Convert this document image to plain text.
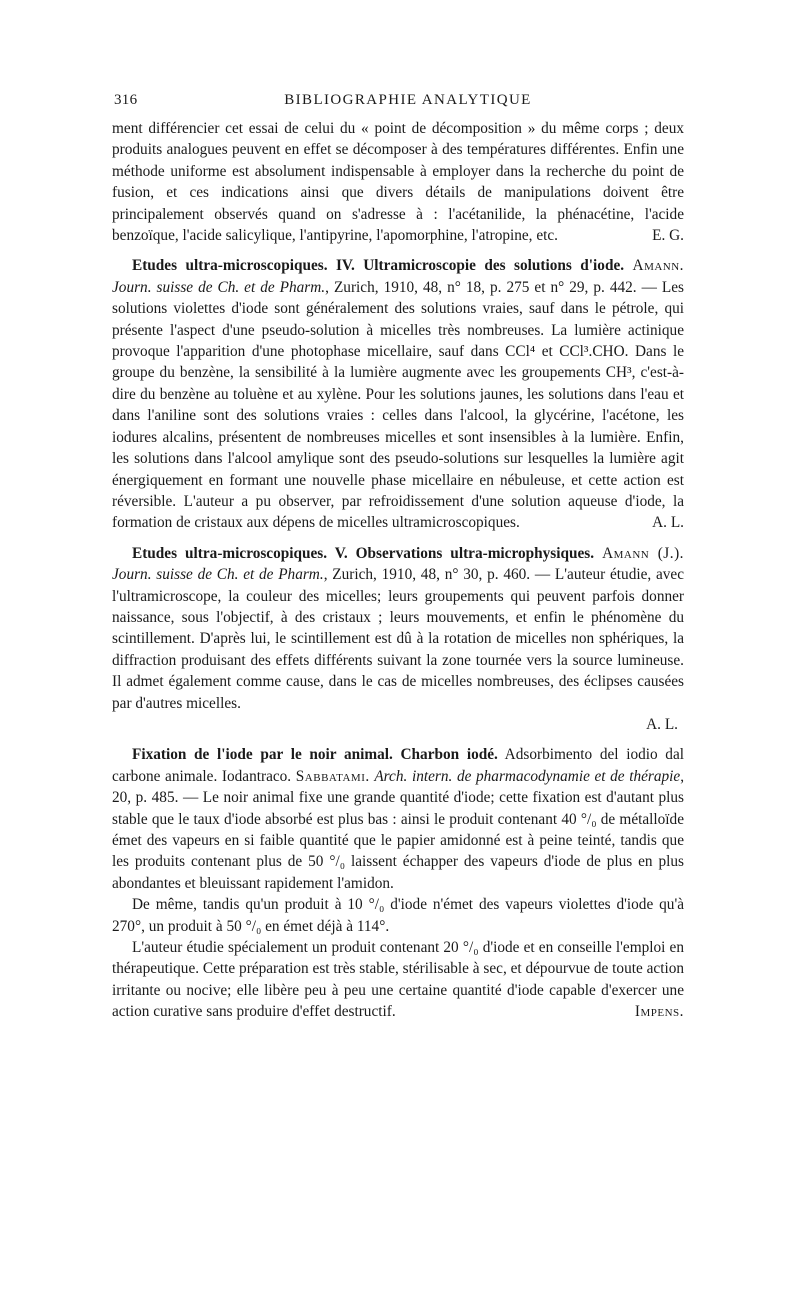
316	BIBLIOGRAPHIE ANALYTIQUE

ment différencier cet essai de celui du « point de décomposition » du même corps ; deux produits analogues peuvent en effet se décomposer à des températures différentes. Enfin une méthode uniforme est absolument indispensable à employer dans la recherche du point de fusion, et ces indications ainsi que divers détails de manipulations doivent être principalement observés quand on s'adresse à : l'acétanilide, la phénacétine, l'acide benzoïque, l'acide salicylique, l'antipyrine, l'apomorphine, l'atropine, etc.	E. G.

Etudes ultra-microscopiques. IV. Ultramicroscopie des solutions d'iode. Amann. Journ. suisse de Ch. et de Pharm., Zurich, 1910, 48, n° 18, p. 275 et n° 29, p. 442. — Les solutions violettes d'iode sont généralement des solutions vraies, sauf dans le pétrole, qui présente l'aspect d'une pseudo-solution à micelles très nombreuses. La lumière actinique provoque l'apparition d'une photophase micellaire, sauf dans CCl⁴ et CCl³.CHO. Dans le groupe du benzène, la sensibilité à la lumière augmente avec les groupements CH³, c'est-à-dire du benzène au toluène et au xylène. Pour les solutions jaunes, les solutions dans l'eau et dans l'aniline sont des solutions vraies : celles dans l'alcool, la glycérine, l'acétone, les iodures alcalins, présentent de nombreuses micelles et sont insensibles à la lumière. Enfin, les solutions dans l'alcool amylique sont des pseudo-solutions sur lesquelles la lumière agit énergiquement en formant une nouvelle phase micellaire en nébuleuse, et cette action est réversible. L'auteur a pu observer, par refroidissement d'une solution aqueuse d'iode, la formation de cristaux aux dépens de micelles ultramicroscopiques.	A. L.

Etudes ultra-microscopiques. V. Observations ultra-microphysiques. Amann (J.). Journ. suisse de Ch. et de Pharm., Zurich, 1910, 48, n° 30, p. 460. — L'auteur étudie, avec l'ultramicroscope, la couleur des micelles; leurs groupements qui peuvent parfois donner naissance, sous l'objectif, à des cristaux ; leurs mouvements, et enfin le phénomène du scintillement. D'après lui, le scintillement est dû à la rotation de micelles non sphériques, la diffraction produisant des effets différents suivant la zone tournée vers la source lumineuse. Il admet également comme cause, dans le cas de micelles nombreuses, des éclipses causées par d'autres micelles.

A. L.

Fixation de l'iode par le noir animal. Charbon iodé. Adsorbimento del iodio dal carbone animale. Iodantraco. Sabbatami. Arch. intern. de pharmacodynamie et de thérapie, 20, p. 485. — Le noir animal fixe une grande quantité d'iode; cette fixation est d'autant plus stable que le taux d'iode absorbé est plus bas : ainsi le produit contenant 40 °/₀ de métalloïde émet des vapeurs en si faible quantité que le papier amidonné est à peine teinté, tandis que les produits contenant plus de 50 °/₀ laissent échapper des vapeurs d'iode de plus en plus abondantes et bleuissant rapidement l'amidon.

De même, tandis qu'un produit à 10 °/₀ d'iode n'émet des vapeurs violettes d'iode qu'à 270°, un produit à 50 °/₀ en émet déjà à 114°.

L'auteur étudie spécialement un produit contenant 20 °/₀ d'iode et en conseille l'emploi en thérapeutique. Cette préparation est très stable, stérilisable à sec, et dépourvue de toute action irritante ou nocive; elle libère peu à peu une certaine quantité d'iode capable d'exercer une action curative sans produire d'effet destructif.	Impens.
